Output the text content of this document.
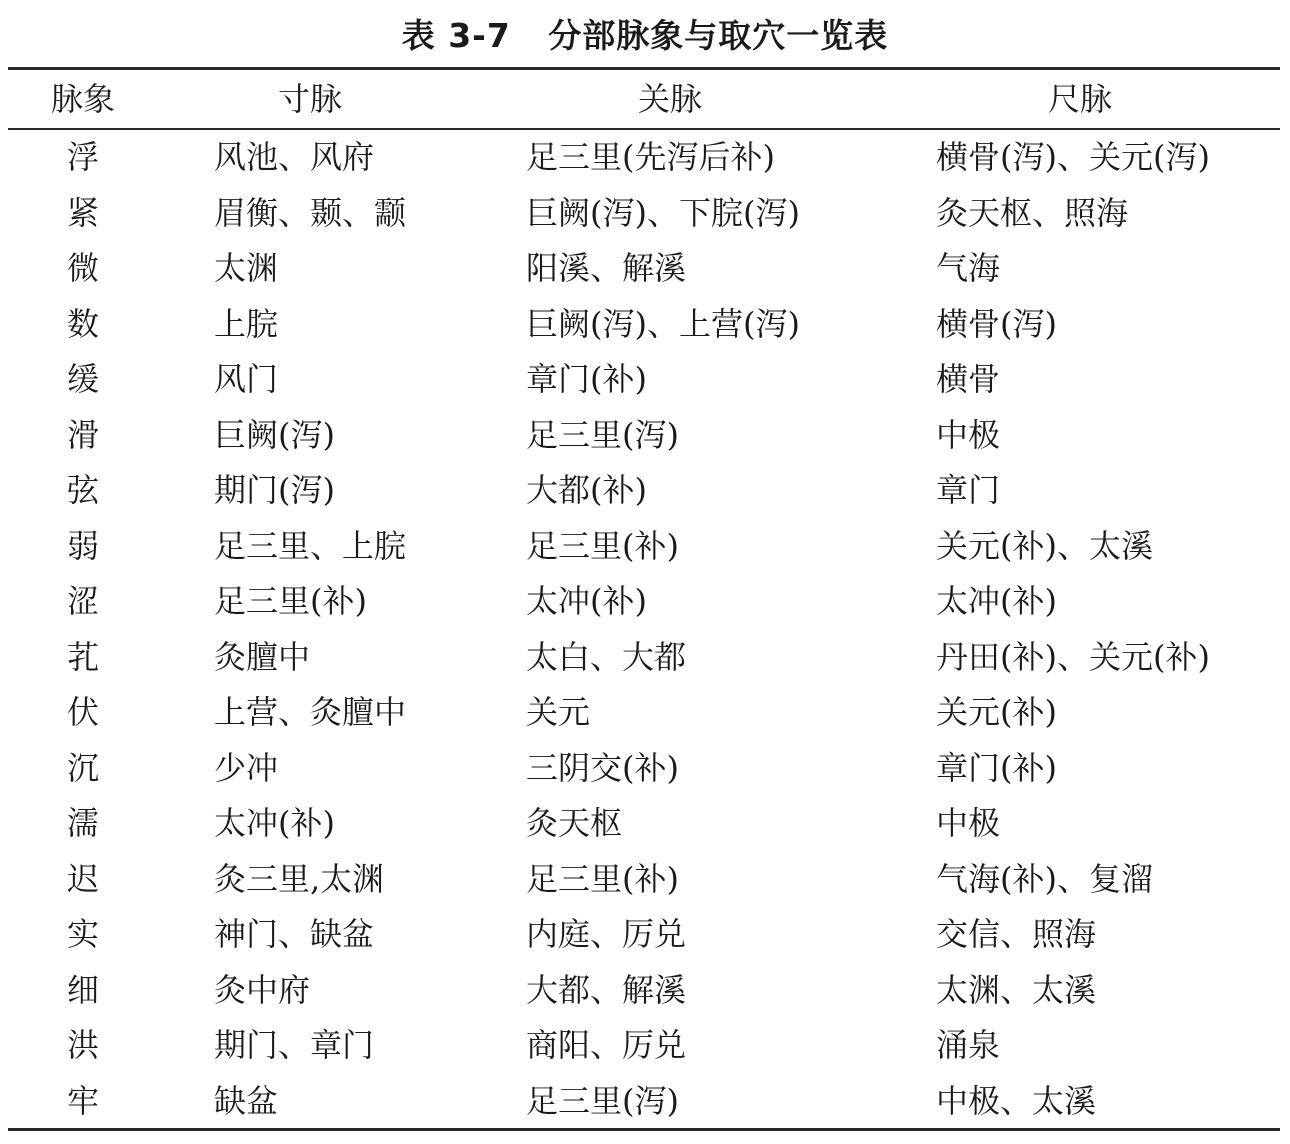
表 3-7   分部脉象与取穴一览表
脉象	寸脉	关脉	尺脉
浮	风池、风府	足三里(先泻后补)	横骨(泻)、关元(泻)
紧	眉衡、颞、颥	巨阙(泻)、下脘(泻)	灸天枢、照海
微	太渊	阳溪、解溪	气海
数	上脘	巨阙(泻)、上营(泻)	横骨(泻)
缓	风门	章门(补)	横骨
滑	巨阙(泻)	足三里(泻)	中极
弦	期门(泻)	大都(补)	章门
弱	足三里、上脘	足三里(补)	关元(补)、太溪
涩	足三里(补)	太冲(补)	太冲(补)
芤	灸膻中	太白、大都	丹田(补)、关元(补)
伏	上营、灸膻中	关元	关元(补)
沉	少冲	三阴交(补)	章门(补)
濡	太冲(补)	灸天枢	中极
迟	灸三里,太渊	足三里(补)	气海(补)、复溜
实	神门、缺盆	内庭、厉兑	交信、照海
细	灸中府	大都、解溪	太渊、太溪
洪	期门、章门	商阳、厉兑	涌泉
牢	缺盆	足三里(泻)	中极、太溪
